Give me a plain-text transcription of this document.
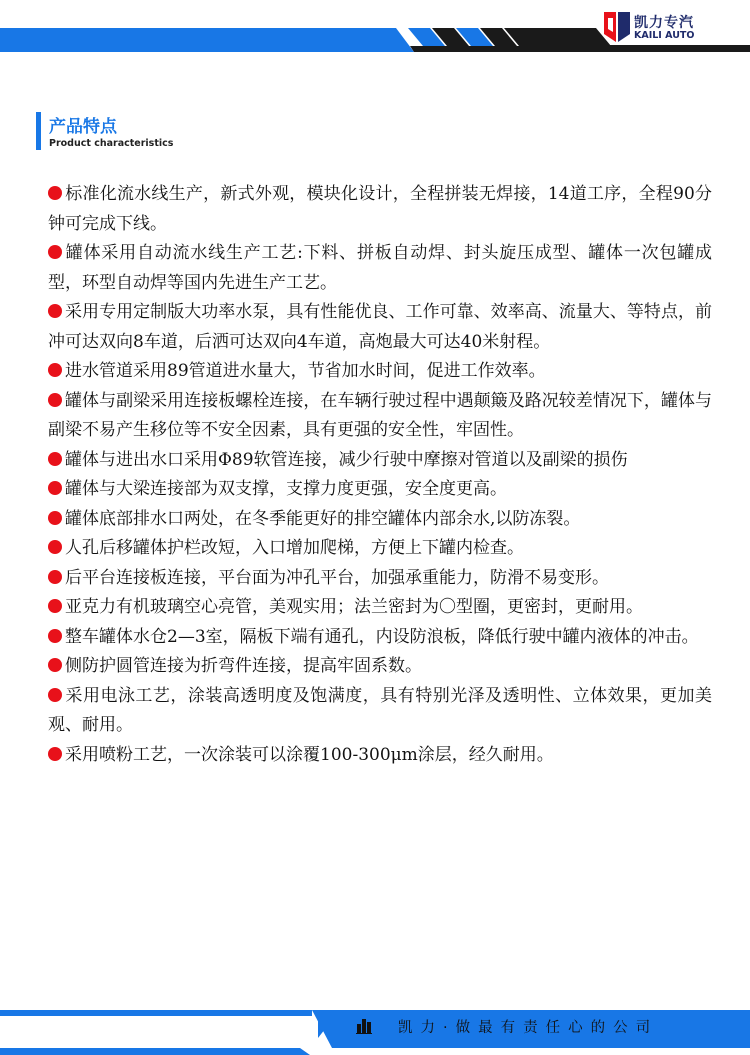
凯力专汽
KAILI AUTO
产品特点
Product characteristics
标准化流水线生产，新式外观，模块化设计，全程拼装无焊接，14道工序，全程90分钟可完成下线。
罐体采用自动流水线生产工艺:下料、拼板自动焊、封头旋压成型、罐体一次包罐成型，环型自动焊等国内先进生产工艺。
采用专用定制版大功率水泵，具有性能优良、工作可靠、效率高、流量大、等特点，前冲可达双向8车道，后洒可达双向4车道，高炮最大可达40米射程。
进水管道采用89管道进水量大，节省加水时间，促进工作效率。
罐体与副梁采用连接板螺栓连接，在车辆行驶过程中遇颠簸及路况较差情况下，罐体与副梁不易产生移位等不安全因素，具有更强的安全性，牢固性。
罐体与进出水口采用Φ89软管连接，减少行驶中摩擦对管道以及副梁的损伤
罐体与大梁连接部为双支撑，支撑力度更强，安全度更高。
罐体底部排水口两处，在冬季能更好的排空罐体内部余水,以防冻裂。
人孔后移罐体护栏改短，入口增加爬梯，方便上下罐内检查。
后平台连接板连接，平台面为冲孔平台，加强承重能力，防滑不易变形。
亚克力有机玻璃空心亮管，美观实用；法兰密封为〇型圈，更密封，更耐用。
整车罐体水仓2—3室，隔板下端有通孔，内设防浪板，降低行驶中罐内液体的冲击。
侧防护圆管连接为折弯件连接，提高牢固系数。
采用电泳工艺，涂装高透明度及饱满度，具有特别光泽及透明性、立体效果，更加美观、耐用。
采用喷粉工艺，一次涂装可以涂覆100-300μm涂层，经久耐用。
凯力·做最有责任心的公司
